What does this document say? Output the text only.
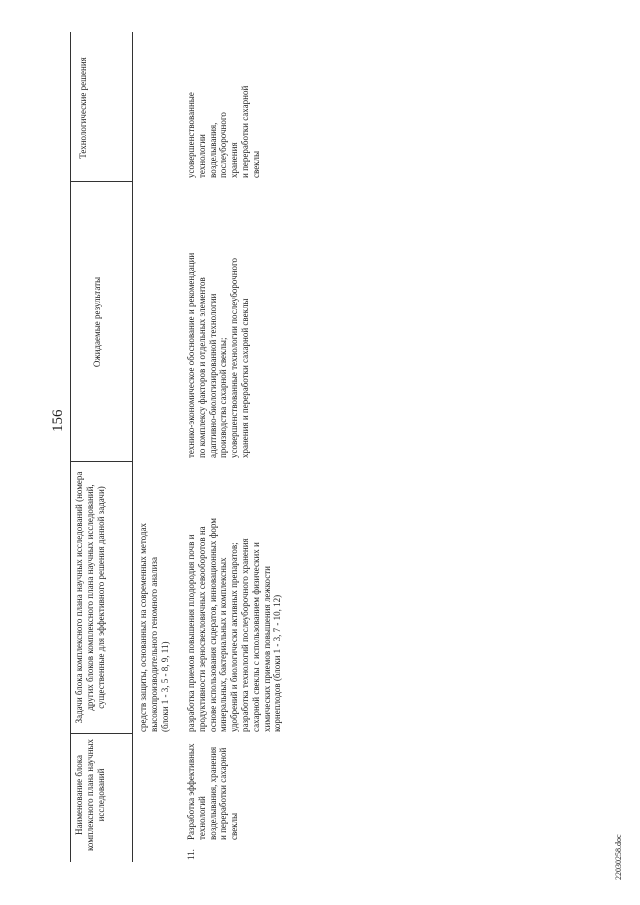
156
Наименование блока комплексного плана научных исследований
Задачи блока комплексного плана научных исследований (номера других блоков комплексного плана научных исследований, существенные для эффективного решения данной задачи)
Ожидаемые результаты
Технологические решения
средств защиты, основанных на современных методах
высокопроизводительного геномного анализа
(блоки 1 - 3, 5 - 8, 9, 11)
11.
Разработка эффективных
технологий
возделывания, хранения
и переработки сахарной
свеклы
разработка приемов повышения плодородия почв и
продуктивности зерносвекловичных севооборотов на
основе использования сидератов, инновационных форм
минеральных, бактериальных и комплексных
удобрений и биологически активных препаратов;
разработка технологий послеуборочного хранения
сахарной свеклы с использованием физических и
химических приемов повышения лежкости
корнеплодов (блоки 1 - 3, 7 - 10, 12)
технико-экономическое обоснование и рекомендации
по комплексу факторов и отдельных элементов
адаптивно-биологизированной технологии
производства сахарной свеклы;
усовершенствованные технологии послеуборочного
хранения и переработки сахарной свеклы
усовершенствованные
технологии
возделывания,
послеуборочного
хранения
и переработки сахарной
свеклы
22030258.doc
